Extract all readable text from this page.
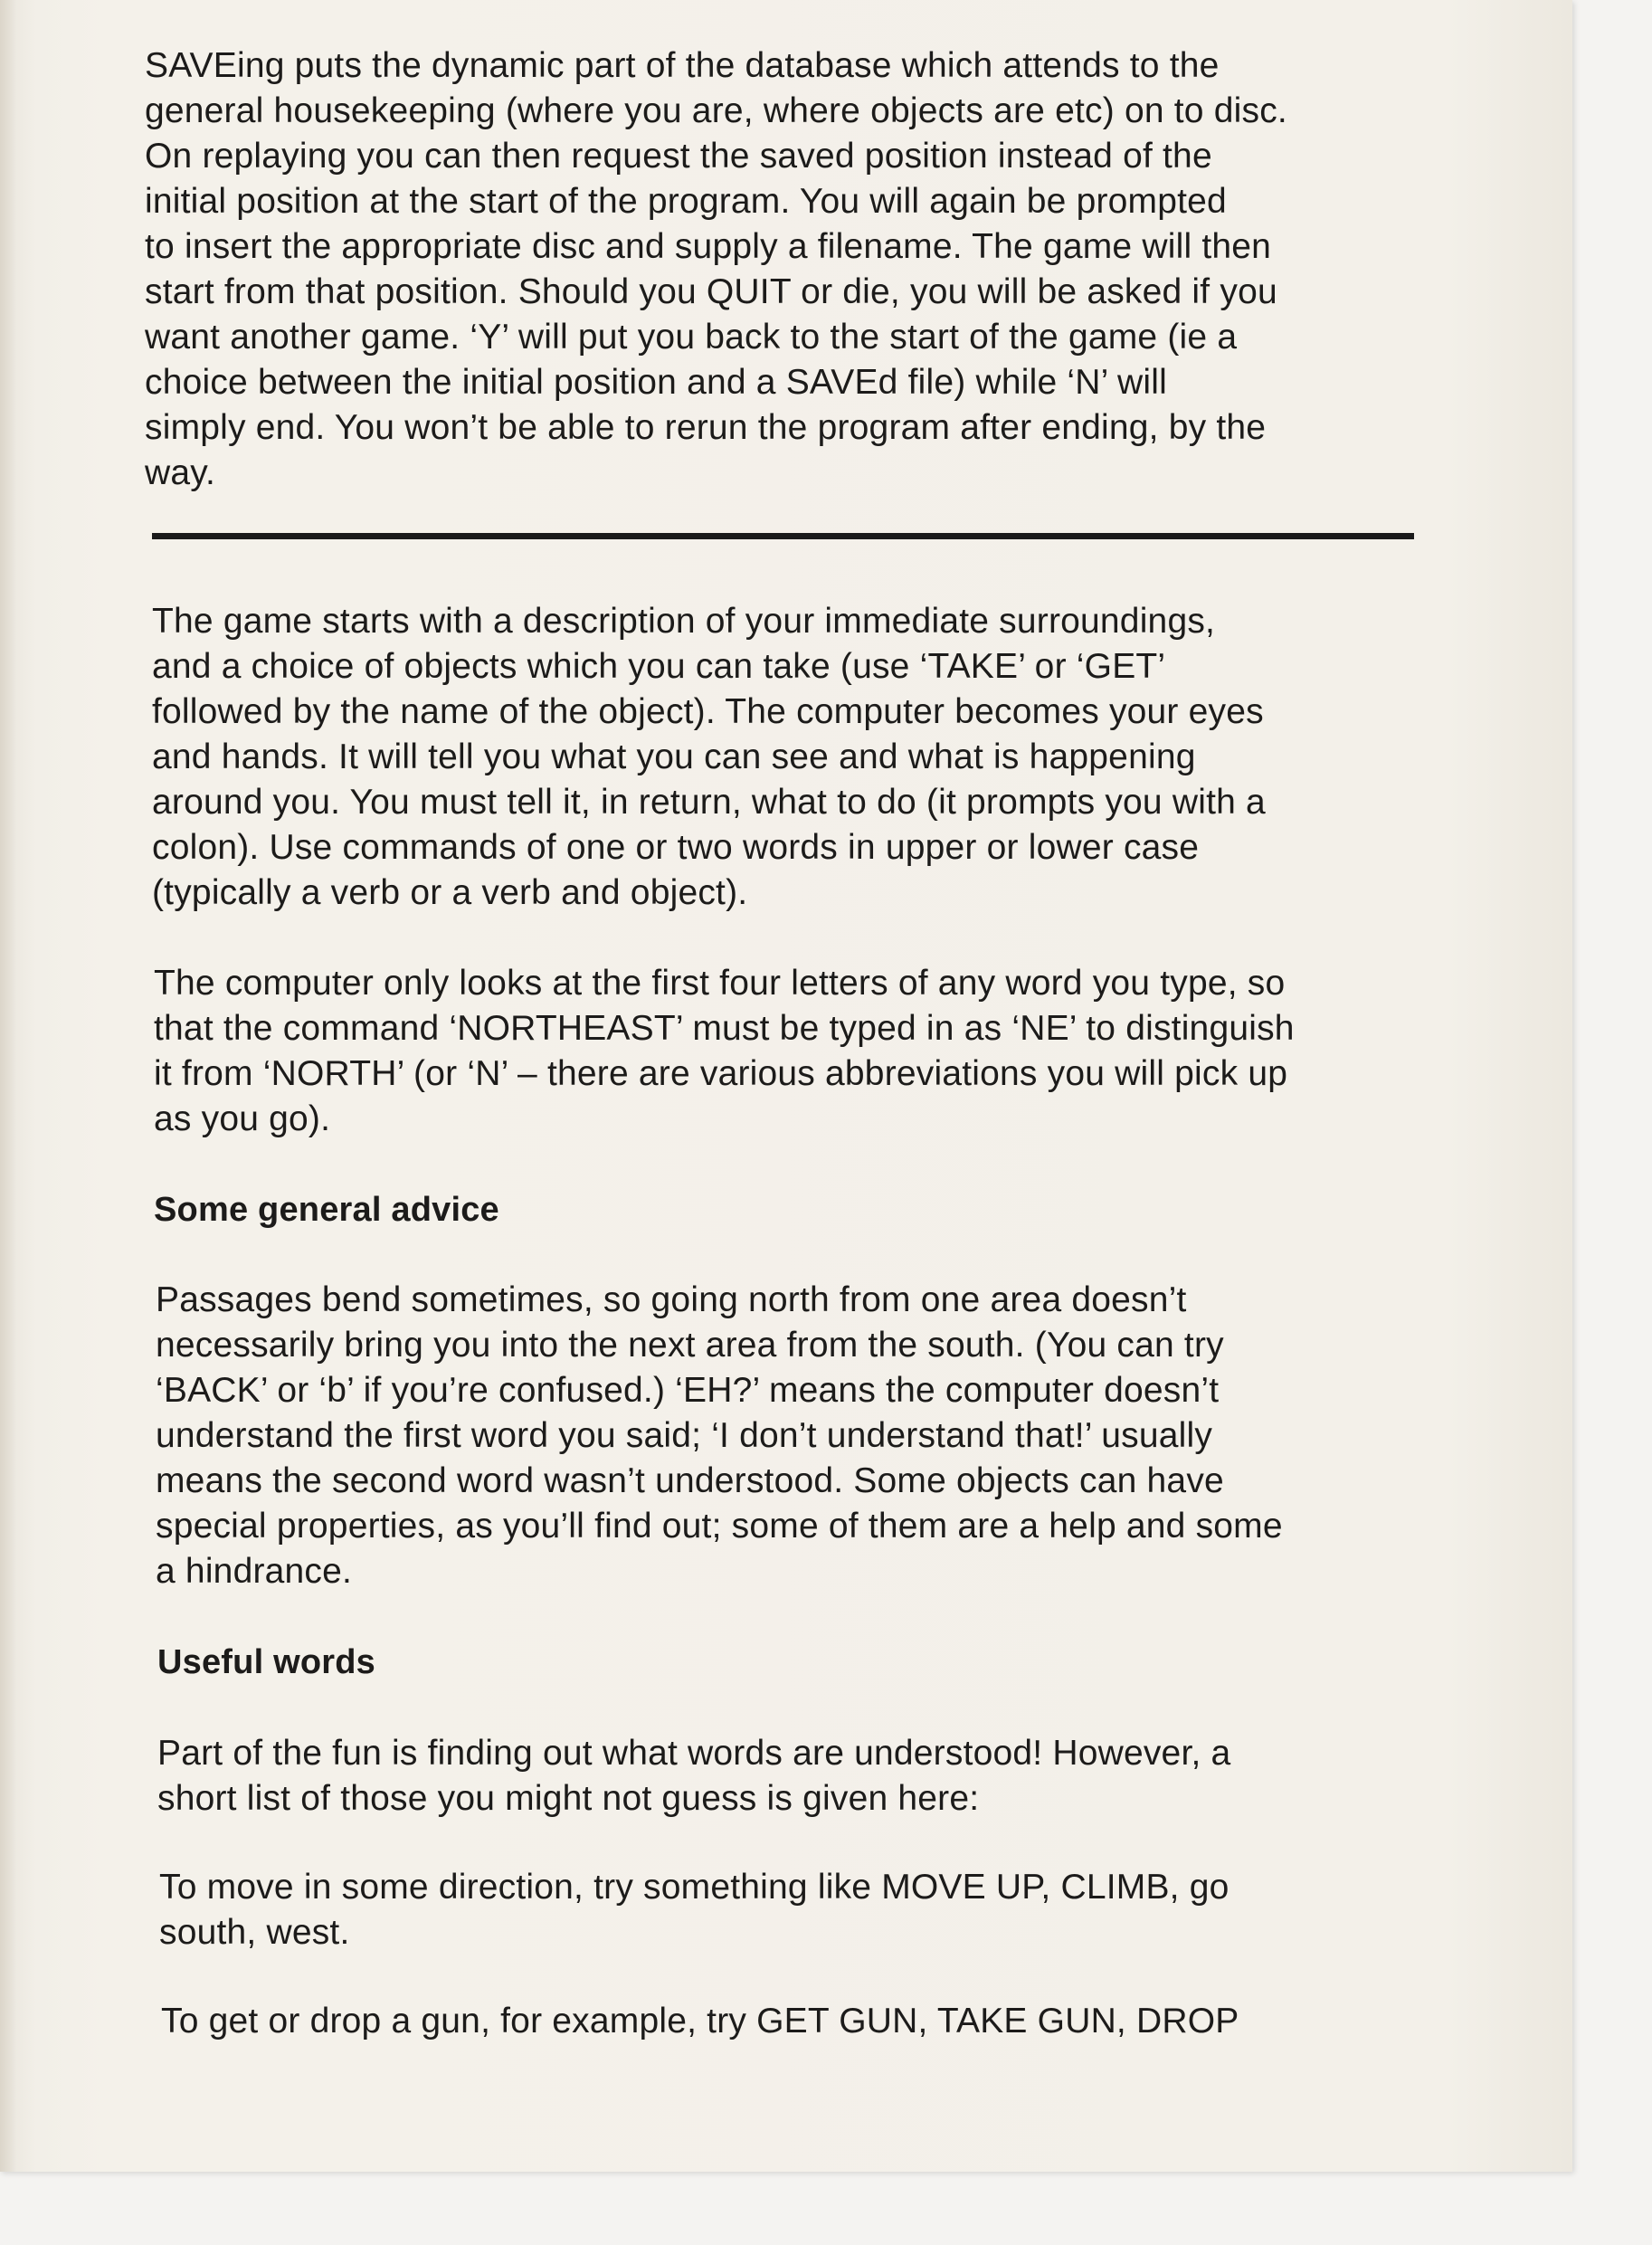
SAVEing puts the dynamic part of the database which attends to the
general housekeeping (where you are, where objects are etc) on to disc.
On replaying you can then request the saved position instead of the
initial position at the start of the program. You will again be prompted
to insert the appropriate disc and supply a filename. The game will then
start from that position. Should you QUIT or die, you will be asked if you
want another game. ‘Y’ will put you back to the start of the game (ie a
choice between the initial position and a SAVEd file) while ‘N’ will
simply end. You won’t be able to rerun the program after ending, by the
way.
The game starts with a description of your immediate surroundings,
and a choice of objects which you can take (use ‘TAKE’ or ‘GET’
followed by the name of the object). The computer becomes your eyes
and hands. It will tell you what you can see and what is happening
around you. You must tell it, in return, what to do (it prompts you with a
colon). Use commands of one or two words in upper or lower case
(typically a verb or a verb and object).
The computer only looks at the first four letters of any word you type, so
that the command ‘NORTHEAST’ must be typed in as ‘NE’ to distinguish
it from ‘NORTH’ (or ‘N’ – there are various abbreviations you will pick up
as you go).
Some general advice
Passages bend sometimes, so going north from one area doesn’t
necessarily bring you into the next area from the south. (You can try
‘BACK’ or ‘b’ if you’re confused.) ‘EH?’ means the computer doesn’t
understand the first word you said; ‘I don’t understand that!’ usually
means the second word wasn’t understood. Some objects can have
special properties, as you’ll find out; some of them are a help and some
a hindrance.
Useful words
Part of the fun is finding out what words are understood! However, a
short list of those you might not guess is given here:
To move in some direction, try something like MOVE UP, CLIMB, go
south, west.
To get or drop a gun, for example, try GET GUN, TAKE GUN, DROP
